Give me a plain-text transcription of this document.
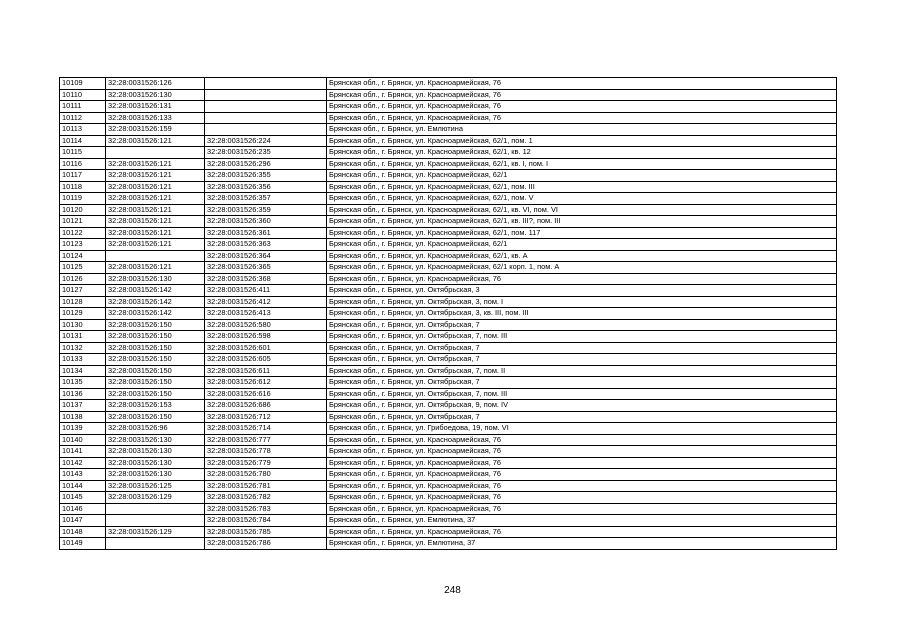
10109	32:28:0031526:126		Брянская обл., г. Брянск, ул. Красноармейская, 76
10110	32:28:0031526:130		Брянская обл., г. Брянск, ул. Красноармейская, 76
10111	32:28:0031526:131		Брянская обл., г. Брянск, ул. Красноармейская, 76
10112	32:28:0031526:133		Брянская обл., г. Брянск, ул. Красноармейская, 76
10113	32:28:0031526:159		Брянская обл., г. Брянск, ул. Емлютина
10114	32:28:0031526:121	32:28:0031526:224	Брянская обл., г. Брянск, ул. Красноармейская, 62/1, пом. 1
10115		32:28:0031526:235	Брянская обл., г. Брянск, ул. Красноармейская, 62/1, кв. 12
10116	32:28:0031526:121	32:28:0031526:296	Брянская обл., г. Брянск, ул. Красноармейская, 62/1, кв. I, пом. I
10117	32:28:0031526:121	32:28:0031526:355	Брянская обл., г. Брянск, ул. Красноармейская, 62/1
10118	32:28:0031526:121	32:28:0031526:356	Брянская обл., г. Брянск, ул. Красноармейская, 62/1, пом. III
10119	32:28:0031526:121	32:28:0031526:357	Брянская обл., г. Брянск, ул. Красноармейская, 62/1, пом. V
10120	32:28:0031526:121	32:28:0031526:359	Брянская обл., г. Брянск, ул. Красноармейская, 62/1, кв. VI, пом. VI
10121	32:28:0031526:121	32:28:0031526:360	Брянская обл., г. Брянск, ул. Красноармейская, 62/1, кв. III?, пом. III
10122	32:28:0031526:121	32:28:0031526:361	Брянская обл., г. Брянск, ул. Красноармейская, 62/1, пом. 117
10123	32:28:0031526:121	32:28:0031526:363	Брянская обл., г. Брянск, ул. Красноармейская, 62/1
10124		32:28:0031526:364	Брянская обл., г. Брянск, ул. Красноармейская, 62/1, кв. А
10125	32:28:0031526:121	32:28:0031526:365	Брянская обл., г. Брянск, ул. Красноармейская, 62/1 корп. 1, пом. А
10126	32:28:0031526:130	32:28:0031526:368	Брянская обл., г. Брянск, ул. Красноармейская, 76
10127	32:28:0031526:142	32:28:0031526:411	Брянская обл., г. Брянск, ул. Октябрьская, 3
10128	32:28:0031526:142	32:28:0031526:412	Брянская обл., г. Брянск, ул. Октябрьская, 3, пом. I
10129	32:28:0031526:142	32:28:0031526:413	Брянская обл., г. Брянск, ул. Октябрьская, 3, кв. III, пом. III
10130	32:28:0031526:150	32:28:0031526:580	Брянская обл., г. Брянск, ул. Октябрьская, 7
10131	32:28:0031526:150	32:28:0031526:598	Брянская обл., г. Брянск, ул. Октябрьская, 7, пом. III
10132	32:28:0031526:150	32:28:0031526:601	Брянская обл., г. Брянск, ул. Октябрьская, 7
10133	32:28:0031526:150	32:28:0031526:605	Брянская обл., г. Брянск, ул. Октябрьская, 7
10134	32:28:0031526:150	32:28:0031526:611	Брянская обл., г. Брянск, ул. Октябрьская, 7, пом. II
10135	32:28:0031526:150	32:28:0031526:612	Брянская обл., г. Брянск, ул. Октябрьская, 7
10136	32:28:0031526:150	32:28:0031526:616	Брянская обл., г. Брянск, ул. Октябрьская, 7, пом. III
10137	32:28:0031526:153	32:28:0031526:686	Брянская обл., г. Брянск, ул. Октябрьская, 9, пом. IV
10138	32:28:0031526:150	32:28:0031526:712	Брянская обл., г. Брянск, ул. Октябрьская, 7
10139	32:28:0031526:96	32:28:0031526:714	Брянская обл., г. Брянск, ул. Грибоедова, 19, пом. VI
10140	32:28:0031526:130	32:28:0031526:777	Брянская обл., г. Брянск, ул. Красноармейская, 76
10141	32:28:0031526:130	32:28:0031526:778	Брянская обл., г. Брянск, ул. Красноармейская, 76
10142	32:28:0031526:130	32:28:0031526:779	Брянская обл., г. Брянск, ул. Красноармейская, 76
10143	32:28:0031526:130	32:28:0031526:780	Брянская обл., г. Брянск, ул. Красноармейская, 76
10144	32:28:0031526:125	32:28:0031526:781	Брянская обл., г. Брянск, ул. Красноармейская, 76
10145	32:28:0031526:129	32:28:0031526:782	Брянская обл., г. Брянск, ул. Красноармейская, 76
10146		32:28:0031526:783	Брянская обл., г. Брянск, ул. Красноармейская, 76
10147		32:28:0031526:784	Брянская обл., г. Брянск, ул. Емлютина, 37
10148	32:28:0031526:129	32:28:0031526:785	Брянская обл., г. Брянск, ул. Красноармейская, 76
10149		32:28:0031526:786	Брянская обл., г. Брянск, ул. Емлютина, 37
248
